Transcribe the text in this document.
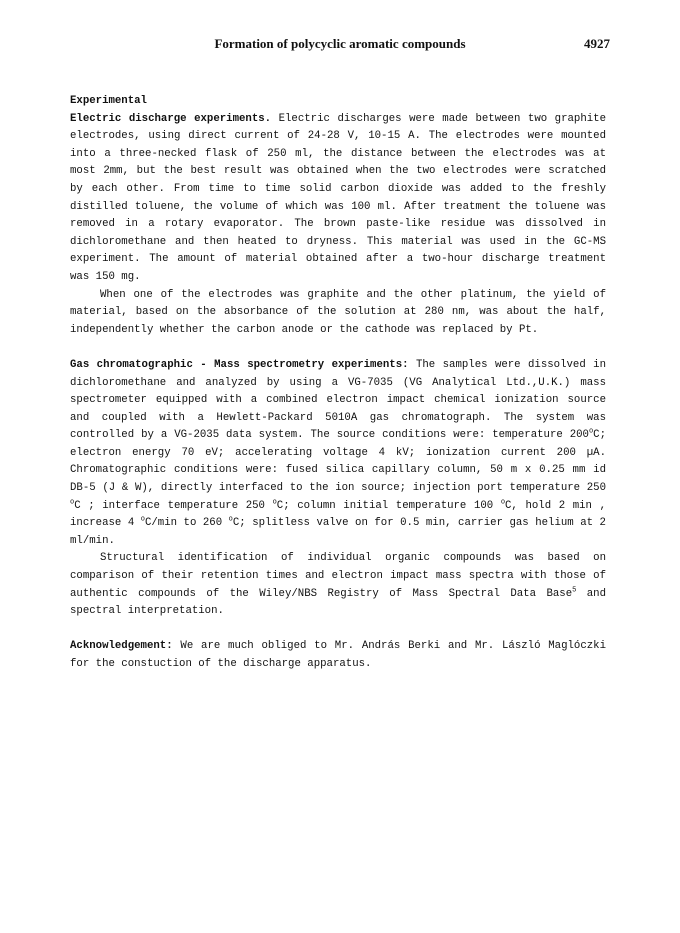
Formation of polycyclic aromatic compounds	4927
Experimental

Electric discharge experiments. Electric discharges were made between two graphite electrodes, using direct current of 24-28 V, 10-15 A. The electrodes were mounted into a three-necked flask of 250 ml, the distance between the electrodes was at most 2mm, but the best result was obtained when the two electrodes were scratched by each other. From time to time solid carbon dioxide was added to the freshly distilled toluene, the volume of which was 100 ml. After treatment the toluene was removed in a rotary evaporator. The brown paste-like residue was dissolved in dichloromethane and then heated to dryness. This material was used in the GC-MS experiment. The amount of material obtained after a two-hour discharge treatment was 150 mg.

When one of the electrodes was graphite and the other platinum, the yield of material, based on the absorbance of the solution at 280 nm, was about the half, independently whether the carbon anode or the cathode was replaced by Pt.

Gas chromatographic - Mass spectrometry experiments: The samples were dissolved in dichloromethane and analyzed by using a VG-7035 (VG Analytical Ltd.,U.K.) mass spectrometer equipped with a combined electron impact chemical ionization source and coupled with a Hewlett-Packard 5010A gas chromatograph. The system was controlled by a VG-2035 data system. The source conditions were: temperature 200$^o$C; electron energy 70 eV; accelerating voltage 4 kV; ionization current 200 µA. Chromatographic conditions were: fused silica capillary column, 50 m x 0.25 mm id DB-5 (J & W), directly interfaced to the ion source; injection port temperature 250 $^o$C ; interface temperature 250 $^o$C; column initial temperature 100 $^o$C, hold 2 min , increase 4 $^o$C/min to 260 $^o$C; splitless valve on for 0.5 min, carrier gas helium at 2 ml/min.

Structural identification of individual organic compounds was based on comparison of their retention times and electron impact mass spectra with those of authentic compounds of the Wiley/NBS Registry of Mass Spectral Data Base$^5$ and spectral interpretation.

Acknowledgement: We are much obliged to Mr. András Berki and Mr. László Maglóczki for the constuction of the discharge apparatus.
